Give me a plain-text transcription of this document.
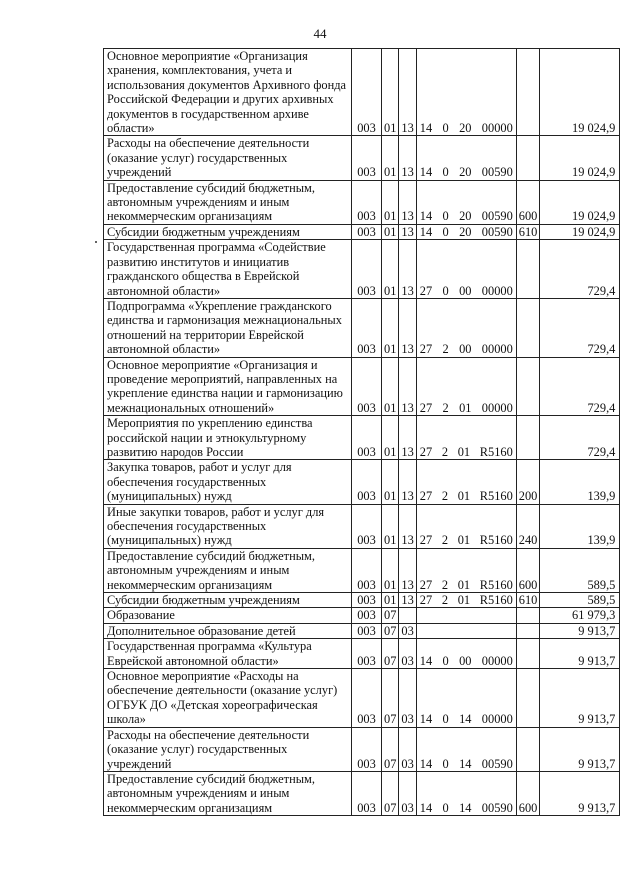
44
Основное мероприятие «Организация хранения, комплектования, учета и использования документов Архивного фонда Российской Федерации и других архивных документов в государственном архиве области»	003	01	13	14 0 20 00000		19 024,9
Расходы на обеспечение деятельности (оказание услуг) государственных учреждений	003	01	13	14 0 20 00590		19 024,9
Предоставление субсидий бюджетным, автономным учреждениям и иным некоммерческим организациям	003	01	13	14 0 20 00590	600	19 024,9
Субсидии бюджетным учреждениям	003	01	13	14 0 20 00590	610	19 024,9
Государственная программа «Содействие развитию институтов и инициатив гражданского общества в Еврейской автономной области»	003	01	13	27 0 00 00000		729,4
Подпрограмма «Укрепление гражданского единства и гармонизация межнациональных отношений на территории Еврейской автономной области»	003	01	13	27 2 00 00000		729,4
Основное мероприятие «Организация и проведение мероприятий, направленных на укрепление единства нации и гармонизацию межнациональных отношений»	003	01	13	27 2 01 00000		729,4
Мероприятия по укреплению единства российской нации и этнокультурному развитию народов России	003	01	13	27 2 01 R5160		729,4
Закупка товаров, работ и услуг для обеспечения государственных (муниципальных) нужд	003	01	13	27 2 01 R5160	200	139,9
Иные закупки товаров, работ и услуг для обеспечения государственных (муниципальных) нужд	003	01	13	27 2 01 R5160	240	139,9
Предоставление субсидий бюджетным, автономным учреждениям и иным некоммерческим организациям	003	01	13	27 2 01 R5160	600	589,5
Субсидии бюджетным учреждениям	003	01	13	27 2 01 R5160	610	589,5
Образование	003	07				61 979,3
Дополнительное образование детей	003	07	03			9 913,7
Государственная программа «Культура Еврейской автономной области»	003	07	03	14 0 00 00000		9 913,7
Основное мероприятие «Расходы на обеспечение деятельности (оказание услуг) ОГБУК ДО «Детская хореографическая школа»	003	07	03	14 0 14 00000		9 913,7
Расходы на обеспечение деятельности (оказание услуг) государственных учреждений	003	07	03	14 0 14 00590		9 913,7
Предоставление субсидий бюджетным, автономным учреждениям и иным некоммерческим организациям	003	07	03	14 0 14 00590	600	9 913,7
